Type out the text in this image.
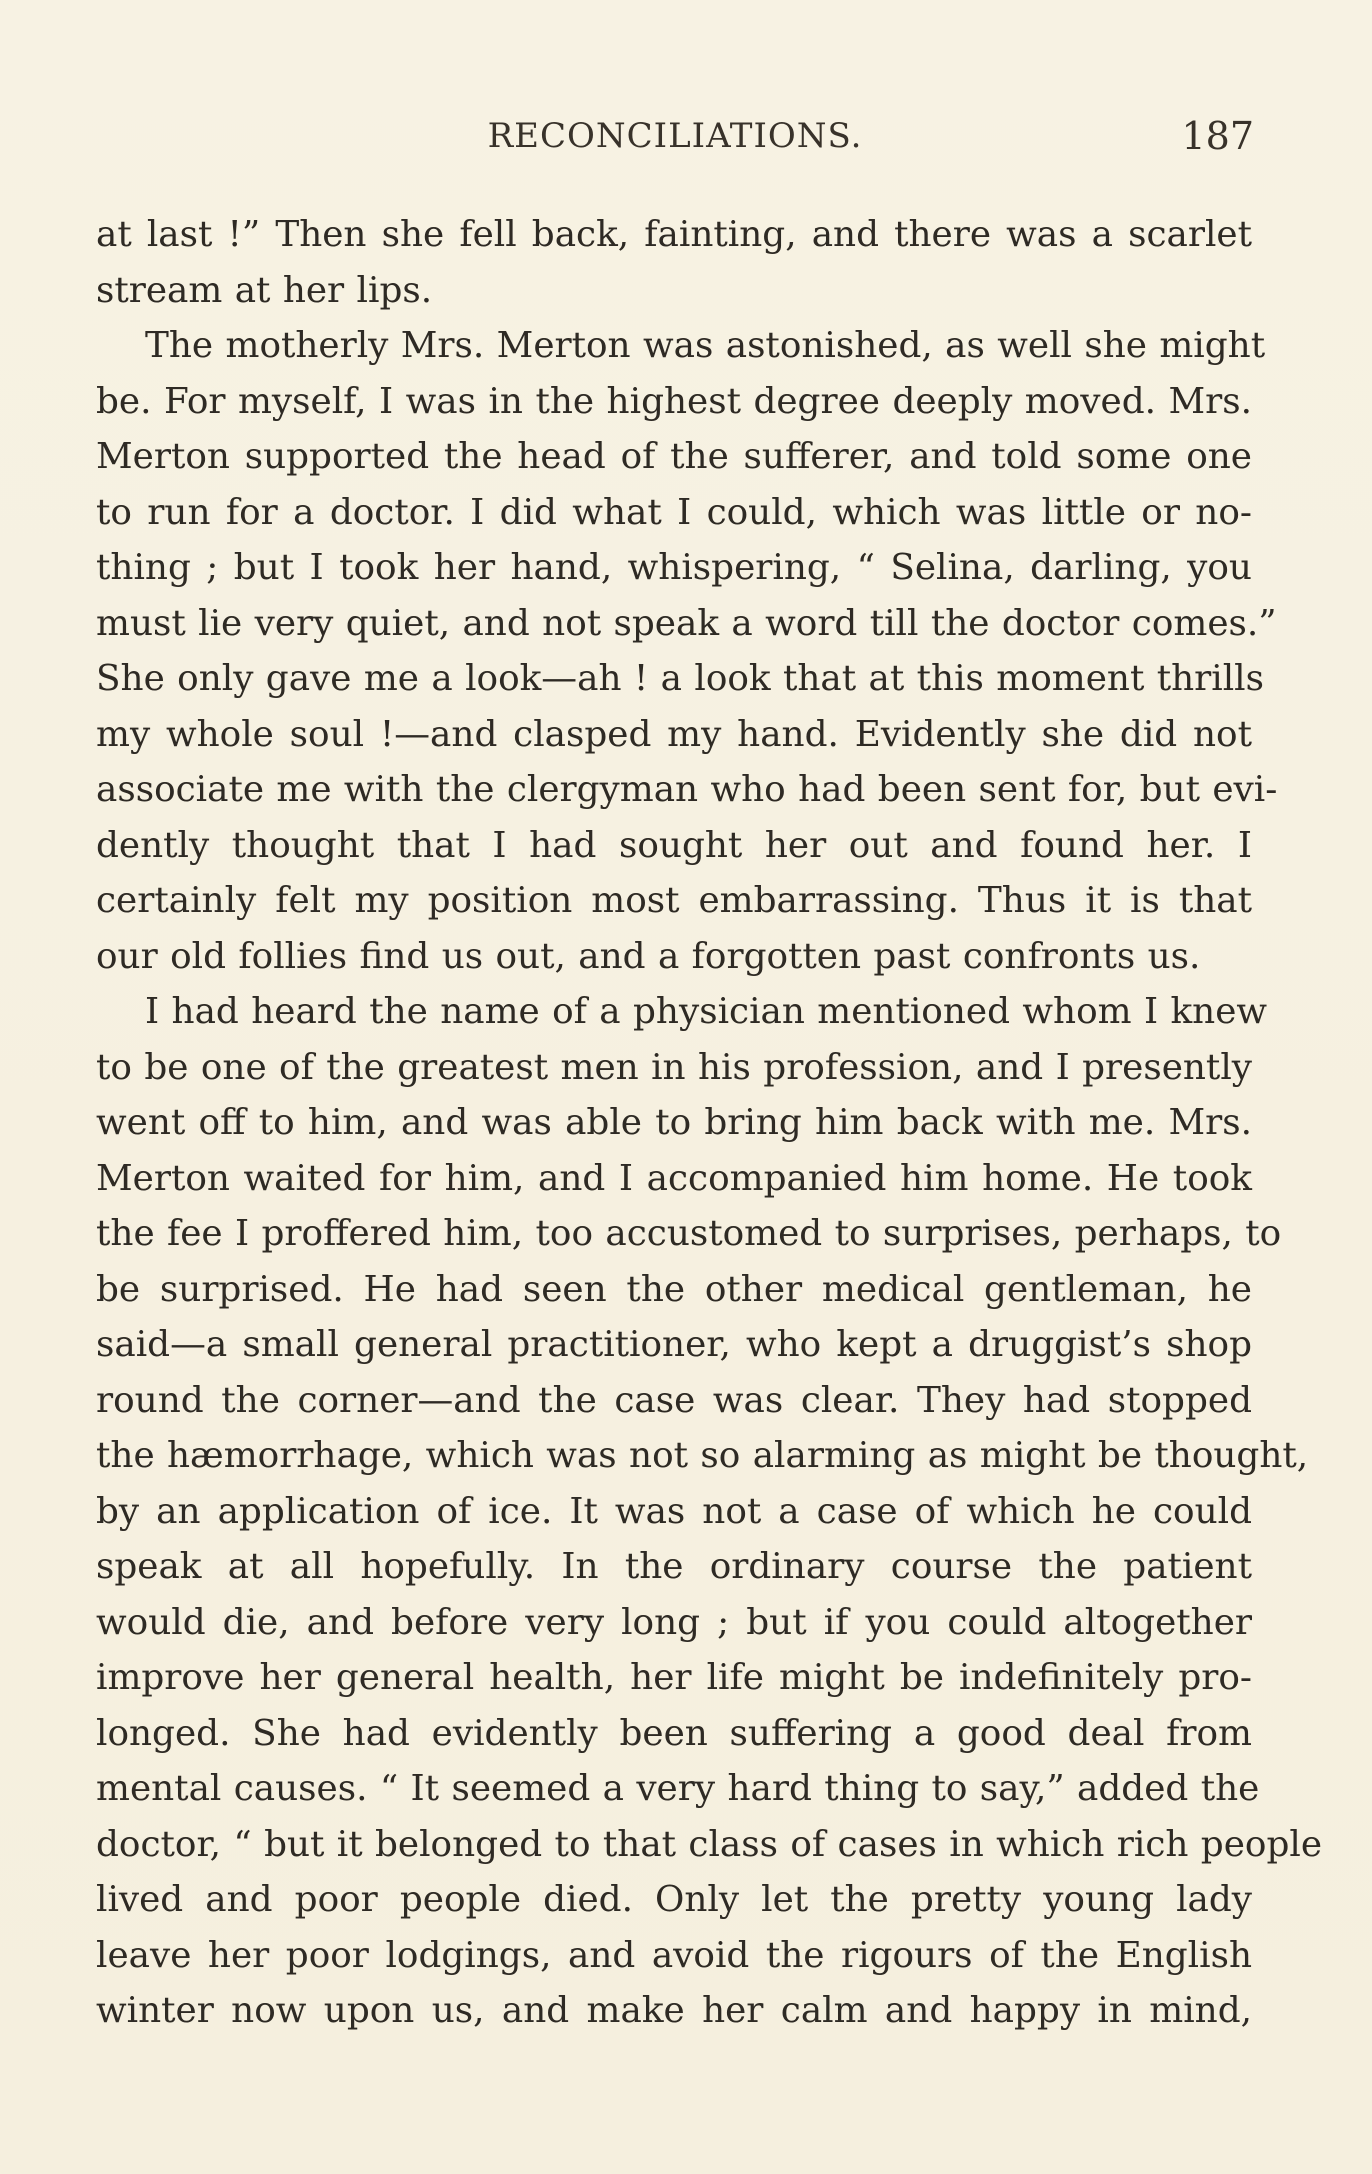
RECONCILIATIONS.	187
at last !” Then she fell back, fainting, and there was a scarlet
stream at her lips.
The motherly Mrs. Merton was astonished, as well she might
be. For myself, I was in the highest degree deeply moved. Mrs.
Merton supported the head of the sufferer, and told some one
to run for a doctor. I did what I could, which was little or no-
thing ; but I took her hand, whispering, “ Selina, darling, you
must lie very quiet, and not speak a word till the doctor comes.”
She only gave me a look—ah ! a look that at this moment thrills
my whole soul !—and clasped my hand. Evidently she did not
associate me with the clergyman who had been sent for, but evi-
dently thought that I had sought her out and found her. I
certainly felt my position most embarrassing. Thus it is that
our old follies find us out, and a forgotten past confronts us.
I had heard the name of a physician mentioned whom I knew
to be one of the greatest men in his profession, and I presently
went off to him, and was able to bring him back with me. Mrs.
Merton waited for him, and I accompanied him home. He took
the fee I proffered him, too accustomed to surprises, perhaps, to
be surprised. He had seen the other medical gentleman, he
said—a small general practitioner, who kept a druggist’s shop
round the corner—and the case was clear. They had stopped
the hæmorrhage, which was not so alarming as might be thought,
by an application of ice. It was not a case of which he could
speak at all hopefully. In the ordinary course the patient
would die, and before very long ; but if you could altogether
improve her general health, her life might be indefinitely pro-
longed. She had evidently been suffering a good deal from
mental causes. “ It seemed a very hard thing to say,” added the
doctor, “ but it belonged to that class of cases in which rich people
lived and poor people died. Only let the pretty young lady
leave her poor lodgings, and avoid the rigours of the English
winter now upon us, and make her calm and happy in mind,
